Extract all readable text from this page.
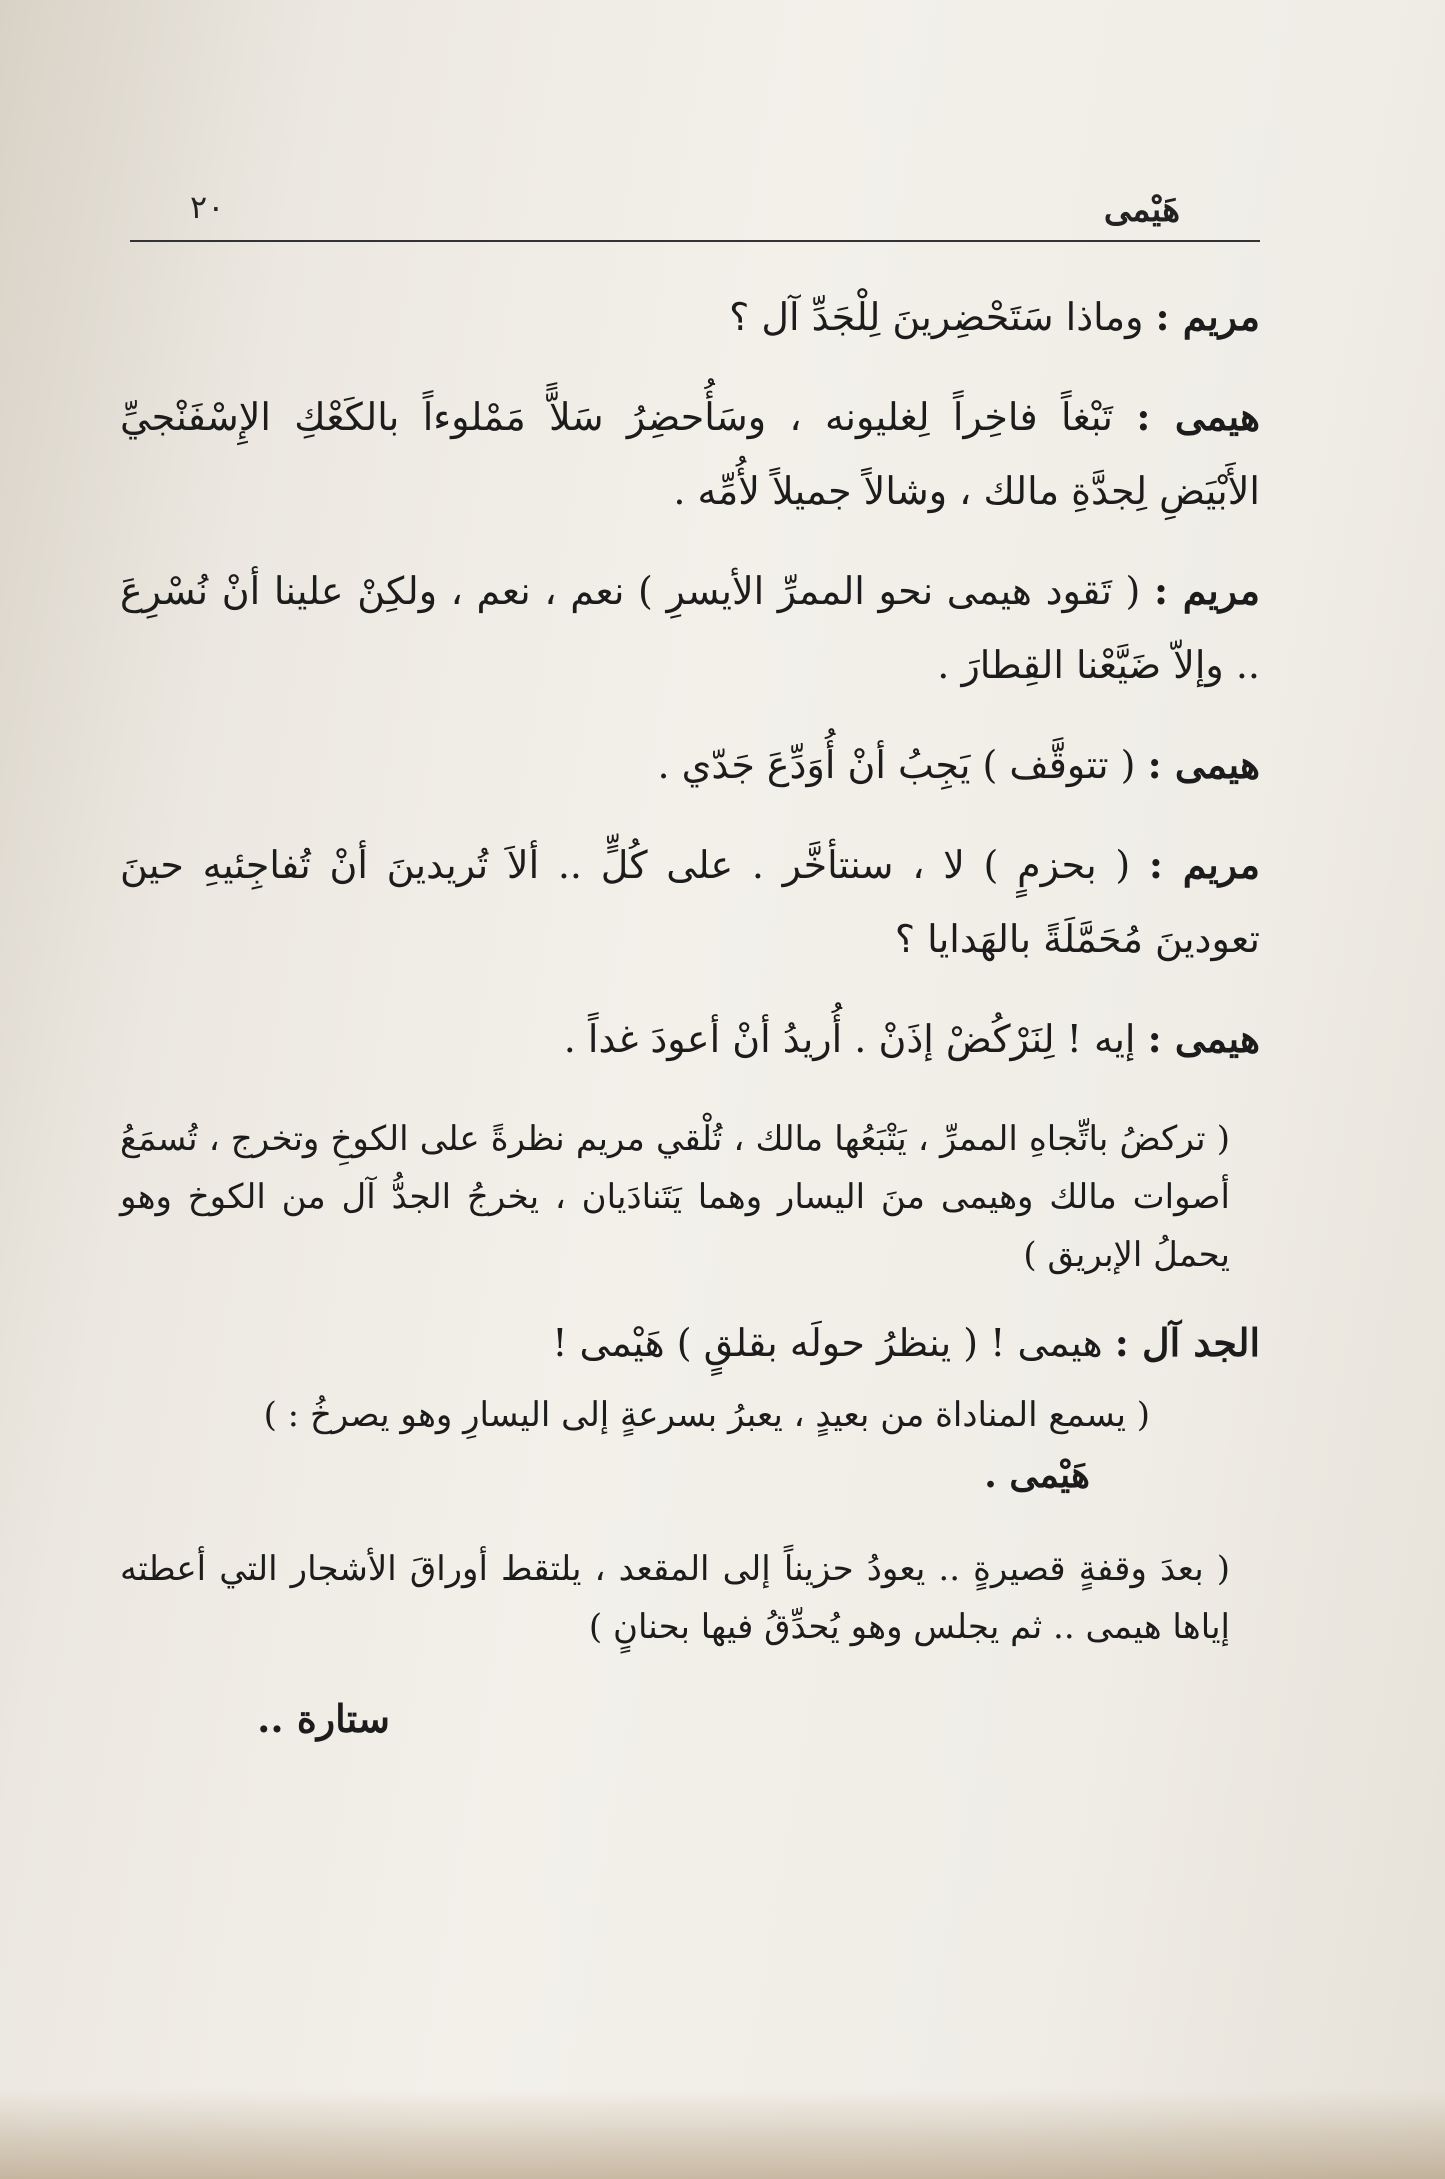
٢٠	هَيْمى

مريم : وماذا سَتَحْضِرينَ لِلْجَدِّ آل ؟

هيمى : تَبْغاً فاخِراً لِغليونه ، وسَأُحضِرُ سَلاًّ مَمْلوءاً بالكَعْكِ الإِسْفَنْجيِّ الأَبْيَضِ لِجدَّةِ مالك ، وشالاً جميلاً لأُمِّه .

مريم : ( تَقود هيمى نحو الممرِّ الأيسرِ ) نعم ، نعم ، ولكِنْ علينا أنْ نُسْرِعَ .. وإلاّ ضَيَّعْنا القِطارَ .

هيمى : ( تتوقَّف ) يَجِبُ أنْ أُوَدِّعَ جَدّي .

مريم : ( بحزمٍ ) لا ، سنتأخَّر . على كُلٍّ .. ألاَ تُريدينَ أنْ تُفاجِئيهِ حينَ تعودينَ مُحَمَّلَةً بالهَدايا ؟

هيمى : إيه ! لِنَرْكُضْ إذَنْ . أُريدُ أنْ أعودَ غداً .

( تركضُ باتِّجاهِ الممرِّ ، يَتْبَعُها مالك ، تُلْقي مريم نظرةً على الكوخِ وتخرج ، تُسمَعُ أصوات مالك وهيمى منَ اليسار وهما يَتَنادَيان ، يخرجُ الجدُّ آل من الكوخ وهو يحملُ الإبريق )

الجد آل : هيمى ! ( ينظرُ حولَه بقلقٍ ) هَيْمى !

( يسمع المناداة من بعيدٍ ، يعبرُ بسرعةٍ إلى اليسارِ وهو يصرخُ : )

هَيْمى .

( بعدَ وقفةٍ قصيرةٍ .. يعودُ حزيناً إلى المقعد ، يلتقط أوراقَ الأشجار التي أعطته إياها هيمى .. ثم يجلس وهو يُحدِّقُ فيها بحنانٍ )

ستارة ..
